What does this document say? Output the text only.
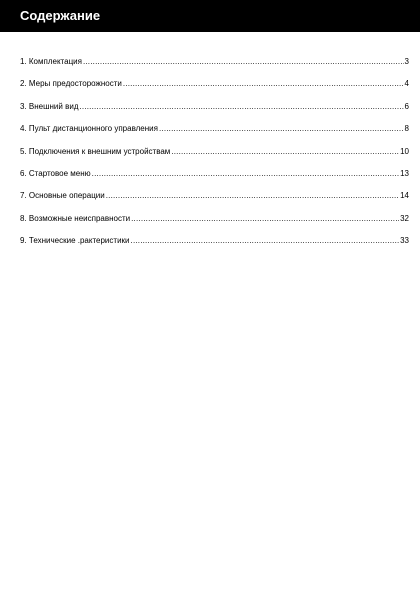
Содержание
1. Комплектация .....	3
2. Меры предосторожности .....	4
3. Внешний вид .....	6
4. Пульт дистанционного управления .....	8
5. Подключения к внешним устройствам .....	10
6. Стартовое меню .....	13
7. Основные операции .....	14
8. Возможные неисправности .....	32
9. Технические .рактеристики .....	33
